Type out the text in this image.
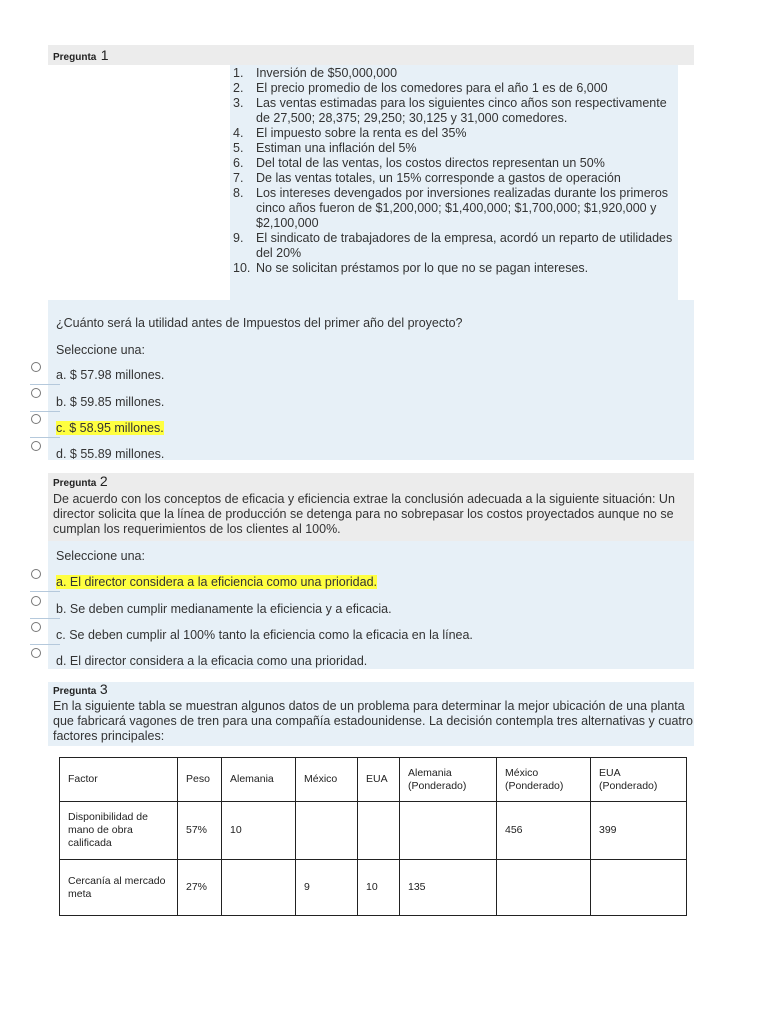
Pregunta 1
1. Inversión de $50,000,000
2. El precio promedio de los comedores para el año 1 es de 6,000
3. Las ventas estimadas para los siguientes cinco años son respectivamente de 27,500; 28,375; 29,250; 30,125 y 31,000 comedores.
4. El impuesto sobre la renta es del 35%
5. Estiman una inflación del 5%
6. Del total de las ventas, los costos directos representan un 50%
7. De las ventas totales, un 15% corresponde a gastos de operación
8. Los intereses devengados por inversiones realizadas durante los primeros cinco años fueron de $1,200,000; $1,400,000; $1,700,000; $1,920,000 y $2,100,000
9. El sindicato de trabajadores de la empresa, acordó un reparto de utilidades del 20%
10. No se solicitan préstamos por lo que no se pagan intereses.
¿Cuánto será la utilidad antes de Impuestos del primer año del proyecto?
Seleccione una:
a. $ 57.98 millones.
b. $ 59.85 millones.
c. $ 58.95 millones.
d. $ 55.89 millones.
Pregunta 2
De acuerdo con los conceptos de eficacia y eficiencia extrae la conclusión adecuada a la siguiente situación: Un director solicita que la línea de producción se detenga para no sobrepasar los costos proyectados aunque no se cumplan los requerimientos de los clientes al 100%.
Seleccione una:
a. El director considera a la eficiencia como una prioridad.
b. Se deben cumplir medianamente la eficiencia y a eficacia.
c. Se deben cumplir al 100% tanto la eficiencia como la eficacia en la línea.
d. El director considera a la eficacia como una prioridad.
Pregunta 3
En la siguiente tabla se muestran algunos datos de un problema para determinar la mejor ubicación de una planta que fabricará vagones de tren para una compañía estadounidense. La decisión contempla tres alternativas y cuatro factores principales:
Factor	Peso	Alemania	México	EUA	Alemania (Ponderado)	México (Ponderado)	EUA (Ponderado)
Disponibilidad de mano de obra calificada	57%	10				456	399
Cercanía al mercado meta	27%		9	10	135		
